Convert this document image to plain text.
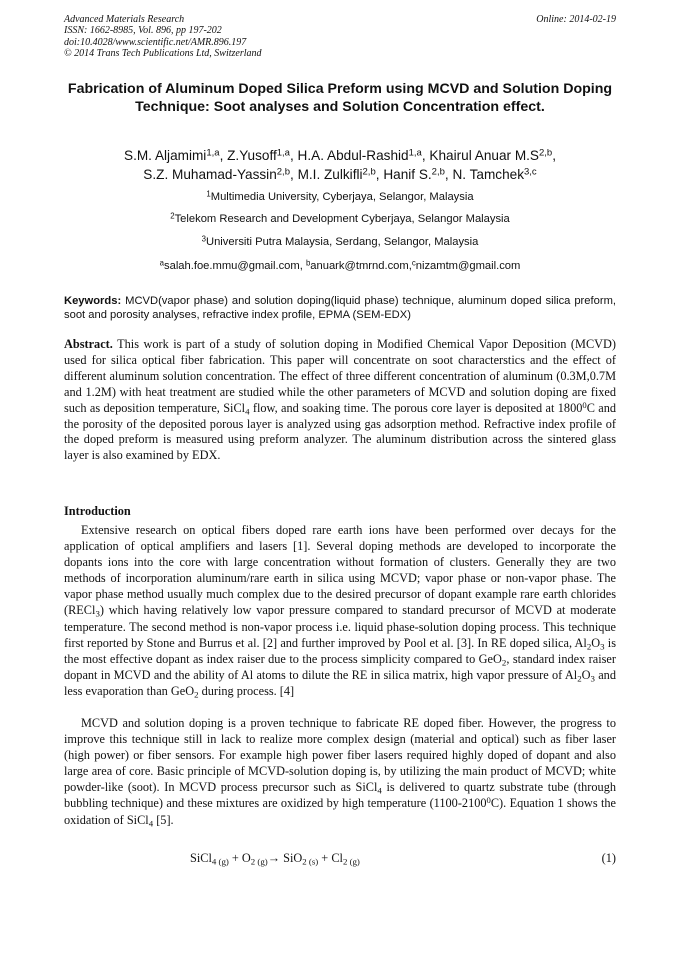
Advanced Materials Research
ISSN: 1662-8985, Vol. 896, pp 197-202
doi:10.4028/www.scientific.net/AMR.896.197
© 2014 Trans Tech Publications Ltd, Switzerland
Online: 2014-02-19
Fabrication of Aluminum Doped Silica Preform using MCVD and Solution Doping Technique: Soot analyses and Solution Concentration effect.
S.M. Aljamimi$^{1,a}$, Z.Yusoff$^{1,a}$, H.A. Abdul-Rashid$^{1,a}$, Khairul Anuar $M.S^{2,b}$,
S.Z. Muhamad-Yassin$^{2,b}$, M.I. Zulkifli$^{2,b}$, Hanif S.$^{2,b}$, N. Tamchek$^{3,c}$
$^1$Multimedia University, Cyberjaya, Selangor, Malaysia
$^2$Telekom Research and Development Cyberjaya, Selangor Malaysia
$^3$Universiti Putra Malaysia, Serdang, Selangor, Malaysia
$^a$salah.foe.mmu@gmail.com, $^b$anuark@tmrnd.com,$^c$nizamtm@gmail.com
Keywords: MCVD(vapor phase) and solution doping(liquid phase) technique, aluminum doped silica preform, soot and porosity analyses, refractive index profile, EPMA (SEM-EDX)
Abstract. This work is part of a study of solution doping in Modified Chemical Vapor Deposition (MCVD) used for silica optical fiber fabrication. This paper will concentrate on soot characterstics and the effect of different aluminum solution concentration. The effect of three different concentration of aluminum (0.3M,0.7M and 1.2M) with heat treatment are studied while the other parameters of MCVD and solution doping are fixed such as deposition temperature, SiCl$_4$ flow, and soaking time. The porous core layer is deposited at 1800$^0$C and the porosity of the deposited porous layer is analyzed using gas adsorption method. Refractive index profile of the doped preform is measured using preform analyzer. The aluminum distribution across the sintered glass layer is also examined by EDX.
Introduction
Extensive research on optical fibers doped rare earth ions have been performed over decays for the application of optical amplifiers and lasers [1]. Several doping methods are developed to incorporate the dopants ions into the core with large concentration without formation of clusters. Generally they are two methods of incorporation aluminum/rare earth in silica using MCVD; vapor phase or non-vapor phase. The vapor phase method usually much complex due to the desired precursor of dopant example rare earth chlorides (RECl$_3$) which having relatively low vapor pressure compared to standard precursor of MCVD at moderate temperature. The second method is non-vapor process i.e. liquid phase-solution doping process. This technique first reported by Stone and Burrus et al. [2] and further improved by Pool et al. [3]. In RE doped silica, $Al_2O_3$ is the most effective dopant as index raiser due to the process simplicity compared to GeO$_2$, standard index raiser dopant in MCVD and the ability of Al atoms to dilute the RE in silica matrix, high vapor pressure of $Al_2O_3$ and less evaporation than GeO$_2$ during process. [4]
MCVD and solution doping is a proven technique to fabricate RE doped fiber. However, the progress to improve this technique still in lack to realize more complex design (material and optical) such as fiber laser (high power) or fiber sensors. For example high power fiber lasers required highly doped of dopant and also large area of core. Basic principle of MCVD-solution doping is, by utilizing the main product of MCVD; white powder-like (soot). In MCVD process precursor such as SiCl$_4$ is delivered to quartz substrate tube (through bubbling technique) and these mixtures are oxidized by high temperature (1100-2100$^0$C). Equation 1 shows the oxidation of SiCl$_4$ [5].
SiCl$_{4 (g)}$ + $O_{2 (g)}\to SiO_{2 (s)} + Cl_{2 (g)}$	(1)
